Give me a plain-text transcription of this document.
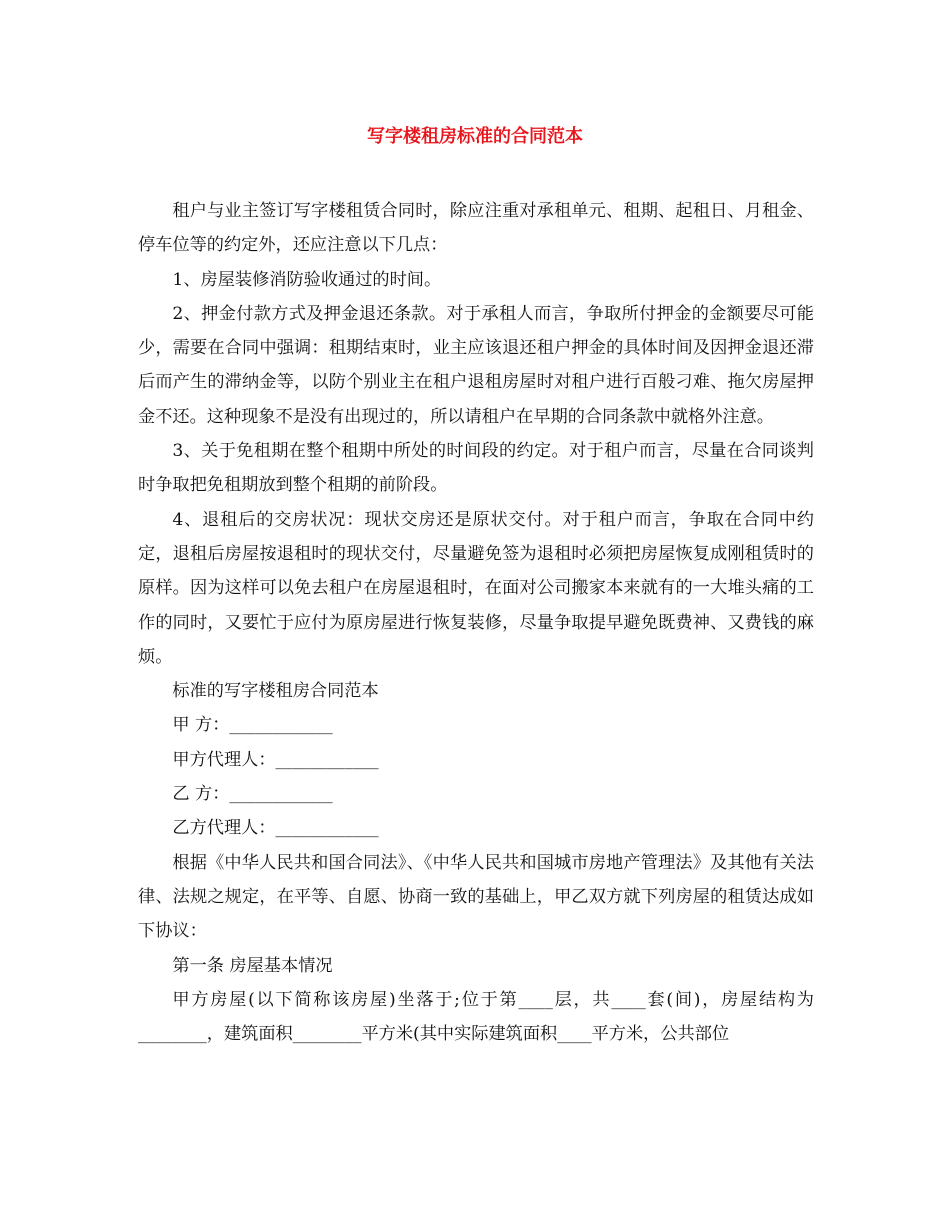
写字楼租房标准的合同范本

租户与业主签订写字楼租赁合同时，除应注重对承租单元、租期、起租日、月租金、停车位等的约定外，还应注意以下几点：

1、房屋装修消防验收通过的时间。

2、押金付款方式及押金退还条款。对于承租人而言，争取所付押金的金额要尽可能少，需要在合同中强调：租期结束时，业主应该退还租户押金的具体时间及因押金退还滞后而产生的滞纳金等，以防个别业主在租户退租房屋时对租户进行百般刁难、拖欠房屋押金不还。这种现象不是没有出现过的，所以请租户在早期的合同条款中就格外注意。

3、关于免租期在整个租期中所处的时间段的约定。对于租户而言，尽量在合同谈判时争取把免租期放到整个租期的前阶段。

4、退租后的交房状况：现状交房还是原状交付。对于租户而言，争取在合同中约定，退租后房屋按退租时的现状交付，尽量避免签为退租时必须把房屋恢复成刚租赁时的原样。因为这样可以免去租户在房屋退租时，在面对公司搬家本来就有的一大堆头痛的工作的同时，又要忙于应付为原房屋进行恢复装修，尽量争取提早避免既费神、又费钱的麻烦。

标准的写字楼租房合同范本

甲 方：____________

甲方代理人：____________

乙 方：____________

乙方代理人：____________

根据《中华人民共和国合同法》、《中华人民共和国城市房地产管理法》及其他有关法律、法规之规定，在平等、自愿、协商一致的基础上，甲乙双方就下列房屋的租赁达成如下协议：

第一条 房屋基本情况

甲方房屋(以下简称该房屋)坐落于;位于第____层，共____套(间)，房屋结构为________，建筑面积________平方米(其中实际建筑面积____平方米，公共部位
